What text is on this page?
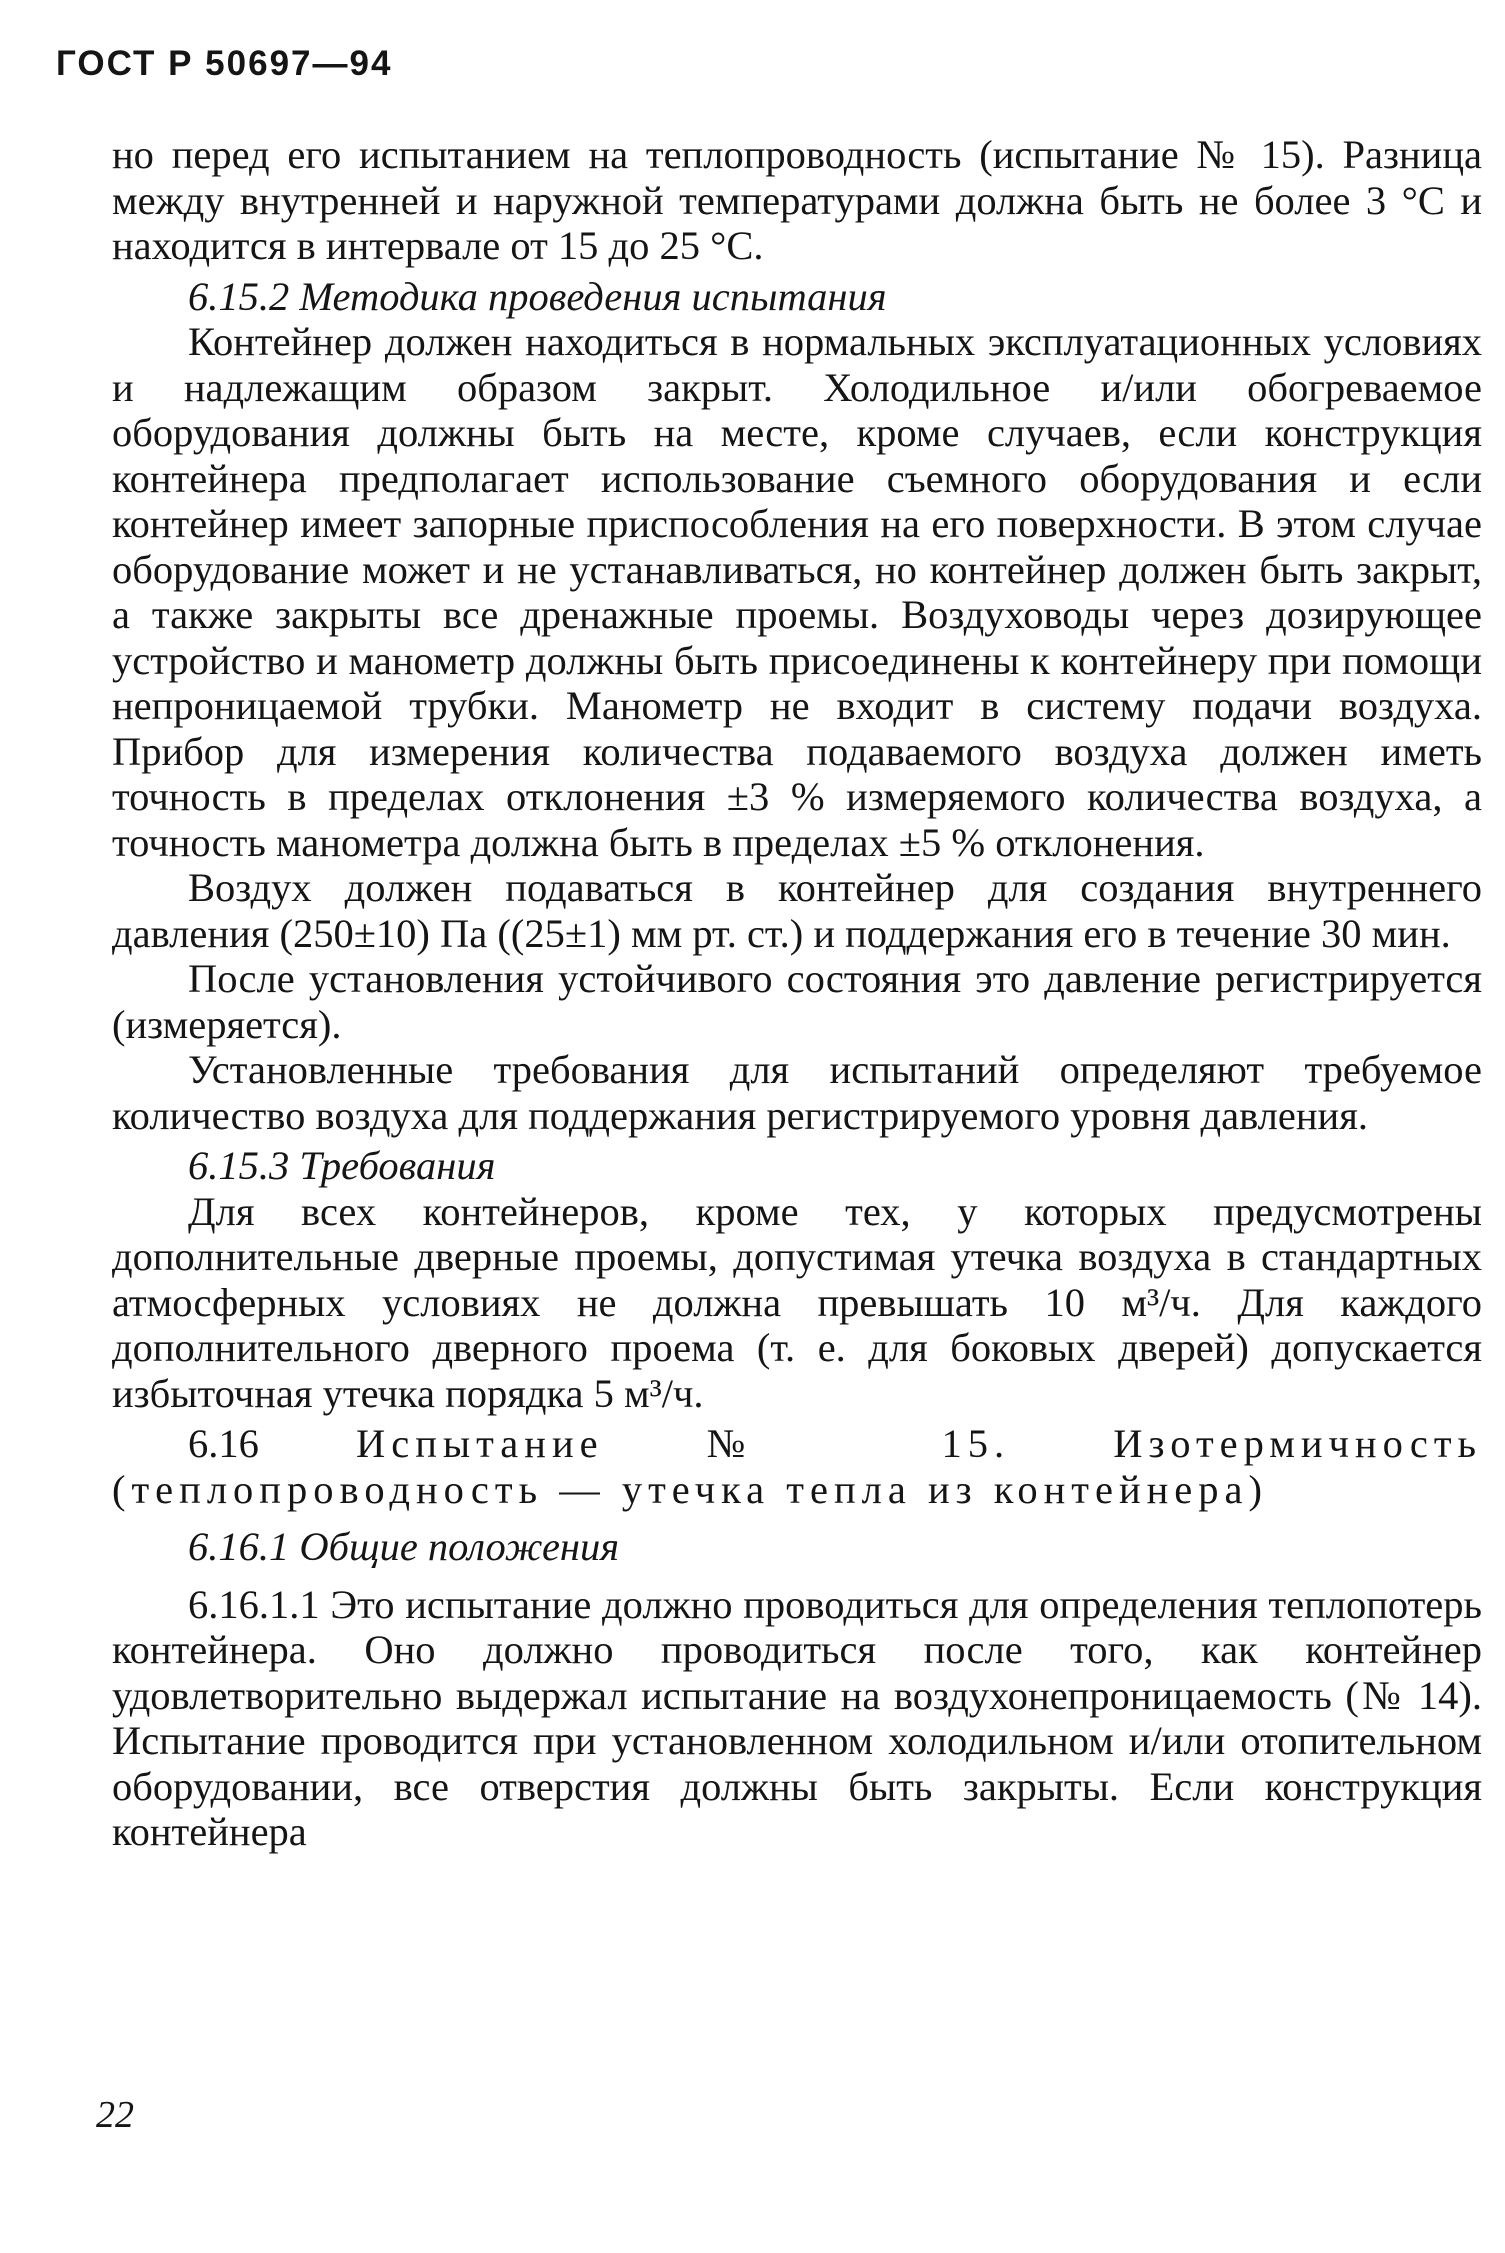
ГОСТ Р 50697—94

но перед его испытанием на теплопроводность (испытание № 15). Разница между внутренней и наружной температурами должна быть не более 3 °С и находится в интервале от 15 до 25 °С.

6.15.2 Методика проведения испытания

Контейнер должен находиться в нормальных эксплуатационных условиях и надлежащим образом закрыт. Холодильное и/или обогреваемое оборудования должны быть на месте, кроме случаев, если конструкция контейнера предполагает использование съемного оборудования и если контейнер имеет запорные приспособления на его поверхности. В этом случае оборудование может и не устанавливаться, но контейнер должен быть закрыт, а также закрыты все дренажные проемы. Воздуховоды через дозирующее устройство и манометр должны быть присоединены к контейнеру при помощи непроницаемой трубки. Манометр не входит в систему подачи воздуха. Прибор для измерения количества подаваемого воздуха должен иметь точность в пределах отклонения ±3 % измеряемого количества воздуха, а точность манометра должна быть в пределах ±5 % отклонения.

Воздух должен подаваться в контейнер для создания внутреннего давления (250±10) Па ((25±1) мм рт. ст.) и поддержания его в течение 30 мин.

После установления устойчивого состояния это давление регистрируется (измеряется).

Установленные требования для испытаний определяют требуемое количество воздуха для поддержания регистрируемого уровня давления.

6.15.3 Требования

Для всех контейнеров, кроме тех, у которых предусмотрены дополнительные дверные проемы, допустимая утечка воздуха в стандартных атмосферных условиях не должна превышать 10 м³/ч. Для каждого дополнительного дверного проема (т. е. для боковых дверей) допускается избыточная утечка порядка 5 м³/ч.

6.16 Испытание № 15. Изотермичность (теплопроводность — утечка тепла из контейнера)

6.16.1 Общие положения

6.16.1.1 Это испытание должно проводиться для определения теплопотерь контейнера. Оно должно проводиться после того, как контейнер удовлетворительно выдержал испытание на воздухонепроницаемость (№ 14). Испытание проводится при установленном холодильном и/или отопительном оборудовании, все отверстия должны быть закрыты. Если конструкция контейнера

22
